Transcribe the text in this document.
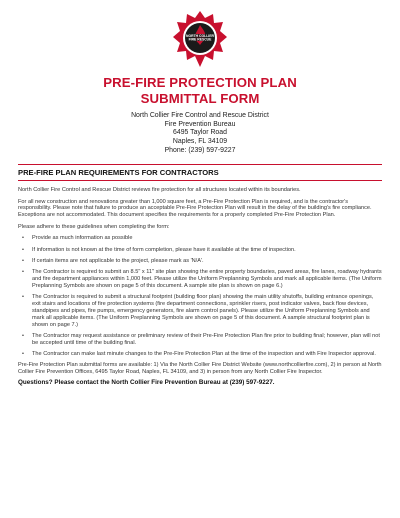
NORTH COLLIER
FIRE RESCUE
PRE-FIRE PROTECTION PLAN
SUBMITTAL FORM
North Collier Fire Control and Rescue District
Fire Prevention Bureau
6495 Taylor Road
Naples, FL 34109
Phone: (239) 597-9227
PRE-FIRE PLAN REQUIREMENTS FOR CONTRACTORS

North Collier Fire Control and Rescue District reviews fire protection for all structures located within its boundaries.

For all new construction and renovations greater than 1,000 square feet, a Pre-Fire Protection Plan is required, and is the contractor's responsibility. Please note that failure to produce an acceptable Pre-Fire Protection Plan will result in the delay of the building's fire compliance. Exceptions are not accommodated. This document specifies the requirements for a properly completed Pre-Fire Protection Plan.

Please adhere to these guidelines when completing the form:

• Provide as much information as possible
• If information is not known at the time of form completion, please have it available at the time of inspection.
• If certain items are not applicable to the project, please mark as 'N/A'.
• The Contractor is required to submit an 8.5" x 11" site plan showing the entire property boundaries, paved areas, fire lanes, roadway hydrants and fire department appliances within 1,000 feet. Please utilize the Uniform Preplanning Symbols and mark all applicable items. (The Uniform Preplanning Symbols are shown on page 5 of this document. A sample site plan is shown on page 6.)
• The Contractor is required to submit a structural footprint (building floor plan) showing the main utility shutoffs, building entrance openings, exit stairs and locations of fire protection systems (fire department connections, sprinkler risers, post indicator valves, back flow devices, standpipes and pipes, fire pumps, emergency generators, fire alarm control panels). Please utilize the Uniform Preplanning Symbols and mark all applicable items. (The Uniform Preplanning Symbols are shown on page 5 of this document. A sample structural footprint plan is shown on page 7.)
• The Contractor may request assistance or preliminary review of their Pre-Fire Protection Plan fire prior to building final; however, plan will not be accepted until time of the building final.
• The Contractor can make last minute changes to the Pre-Fire Protection Plan at the time of the inspection and with Fire Inspector approval.

Pre-Fire Protection Plan submittal forms are available: 1) Via the North Collier Fire District Website (www.northcollierfire.com), 2) in person at North Collier Fire Prevention Offices, 6495 Taylor Road, Naples, FL 34109, and 3) in person from any North Collier Fire Inspector.

Questions? Please contact the North Collier Fire Prevention Bureau at (239) 597-9227.
